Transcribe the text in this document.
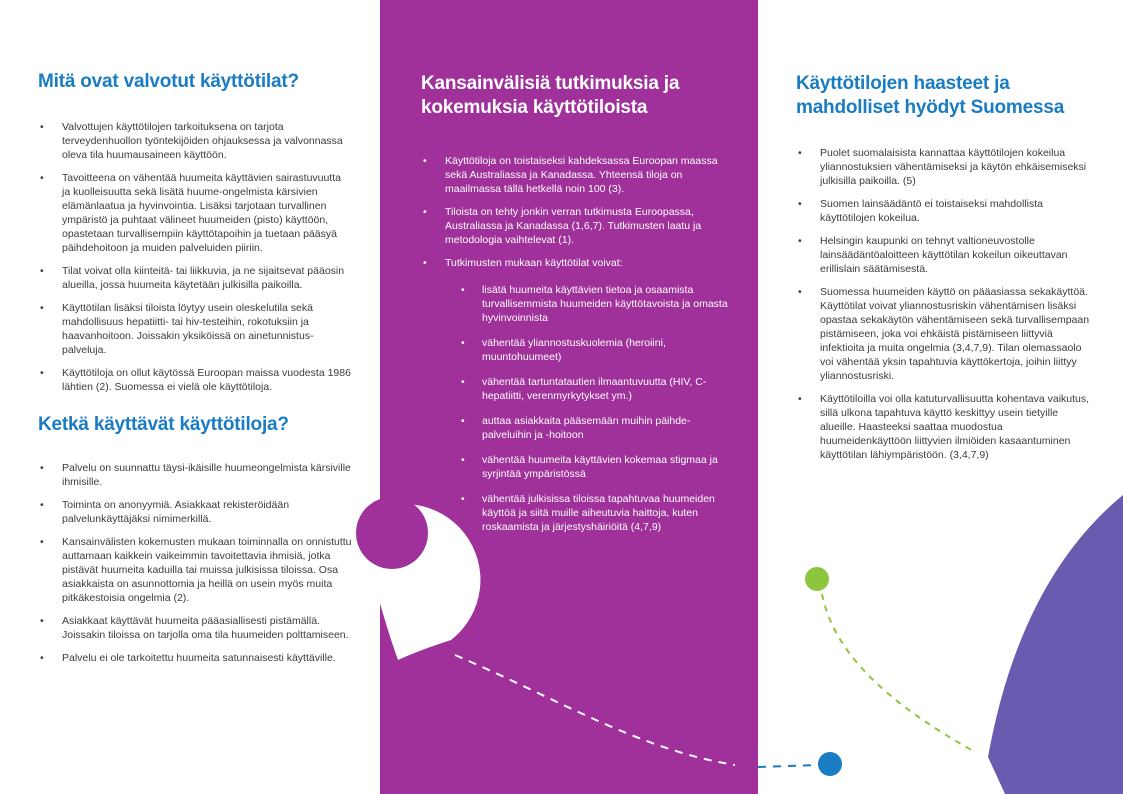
Mitä ovat valvotut käyttötilat?
• Valvottujen käyttötilojen tarkoituksena on tarjota terveydenhuollon työntekijöiden ohjauksessa ja valvonnassa oleva tila huumausaineen käyttöön.
• Tavoitteena on vähentää huumeita käyttävien sairastuvuutta ja kuolleisuutta sekä lisätä huume-ongelmista kärsivien elämänlaatua ja hyvinvointia. Lisäksi tarjotaan turvallinen ympäristö ja puhtaat välineet huumeiden (pisto) käyttöön, opastetaan turvallisempiin käyttötapoihin ja tuetaan pääsyä päihdehoitoon ja muiden palveluiden piiriin.
• Tilat voivat olla kiinteitä- tai liikkuvia, ja ne sijaitsevat pääosin alueilla, jossa huumeita käytetään julkisilla paikoilla.
• Käyttötilan lisäksi tiloista löytyy usein oleskelutila sekä mahdollisuus hepatiitti- tai hiv-testeihin, rokotuksiin ja haavanhoitoon. Joissakin yksiköissä on ainetunnistus-palveluja.
• Käyttötiloja on ollut käytössä Euroopan maissa vuodesta 1986 lähtien (2). Suomessa ei vielä ole käyttötiloja.
Ketkä käyttävät käyttötiloja?
• Palvelu on suunnattu täysi-ikäisille huumeongelmista kärsiville ihmisille.
• Toiminta on anonyymiä. Asiakkaat rekisteröidään palvelunkäyttäjäksi nimimerkillä.
• Kansainvälisten kokemusten mukaan toiminnalla on onnistuttu auttamaan kaikkein vaikeimmin tavoitettavia ihmisiä, jotka pistävät huumeita kaduilla tai muissa julkisissa tiloissa. Osa asiakkaista on asunnottomia ja heillä on usein myös muita pitkäkestoisia ongelmia (2).
• Asiakkaat käyttävät huumeita pääasiallisesti pistämällä. Joissakin tiloissa on tarjolla oma tila huumeiden polttamiseen.
• Palvelu ei ole tarkoitettu huumeita satunnaisesti käyttäville.
Kansainvälisiä tutkimuksia ja kokemuksia käyttötiloista
• Käyttötiloja on toistaiseksi kahdeksassa Euroopan maassa sekä Australiassa ja Kanadassa. Yhteensä tiloja on maailmassa tällä hetkellä noin 100 (3).
• Tiloista on tehty jonkin verran tutkimusta Euroopassa, Australiassa ja Kanadassa (1,6,7). Tutkimusten laatu ja metodologia vaihtelevat (1).
• Tutkimusten mukaan käyttötilat voivat:
• lisätä huumeita käyttävien tietoa ja osaamista turvallisemmista huumeiden käyttötavoista ja omasta hyvinvoinnista
• vähentää yliannostuskuolemia (heroiini, muuntohuumeet)
• vähentää tartuntatautien ilmaantuvuutta (HIV, C-hepatiitti, verenmyrkytykset ym.)
• auttaa asiakkaita pääsemään muihin päihde-palveluihin ja -hoitoon
• vähentää huumeita käyttävien kokemaa stigmaa ja syrjintää ympäristössä
• vähentää julkisissa tiloissa tapahtuvaa huumeiden käyttöä ja siitä muille aiheutuvia haittoja, kuten roskaamista ja järjestyshäiriöitä (4,7,9)
Käyttötilojen haasteet ja mahdolliset hyödyt Suomessa
• Puolet suomalaisista kannattaa käyttötilojen kokeilua yliannostuksien vähentämiseksi ja käytön ehkäisemiseksi julkisilla paikoilla. (5)
• Suomen lainsäädäntö ei toistaiseksi mahdollista käyttötilojen kokeilua.
• Helsingin kaupunki on tehnyt valtioneuvostolle lainsäädäntöaloitteen käyttötilan kokeilun oikeuttavan erillislain säätämisestä.
• Suomessa huumeiden käyttö on pääasiassa sekakäyttöä. Käyttötilat voivat yliannostusriskin vähentämisen lisäksi opastaa sekakäytön vähentämiseen sekä turvallisempaan pistämiseen, joka voi ehkäistä pistämiseen liittyviä infektioita ja muita ongelmia (3,4,7,9). Tilan olemassaolo voi vähentää yksin tapahtuvia käyttökertoja, joihin liittyy yliannostusriski.
• Käyttötiloilla voi olla katuturvallisuutta kohentava vaikutus, sillä ulkona tapahtuva käyttö keskittyy usein tietyille alueille. Haasteeksi saattaa muodostua huumeidenkäyttöön liittyvien ilmiöiden kasaantuminen käyttötilan lähiympäristöön. (3,4,7,9)
